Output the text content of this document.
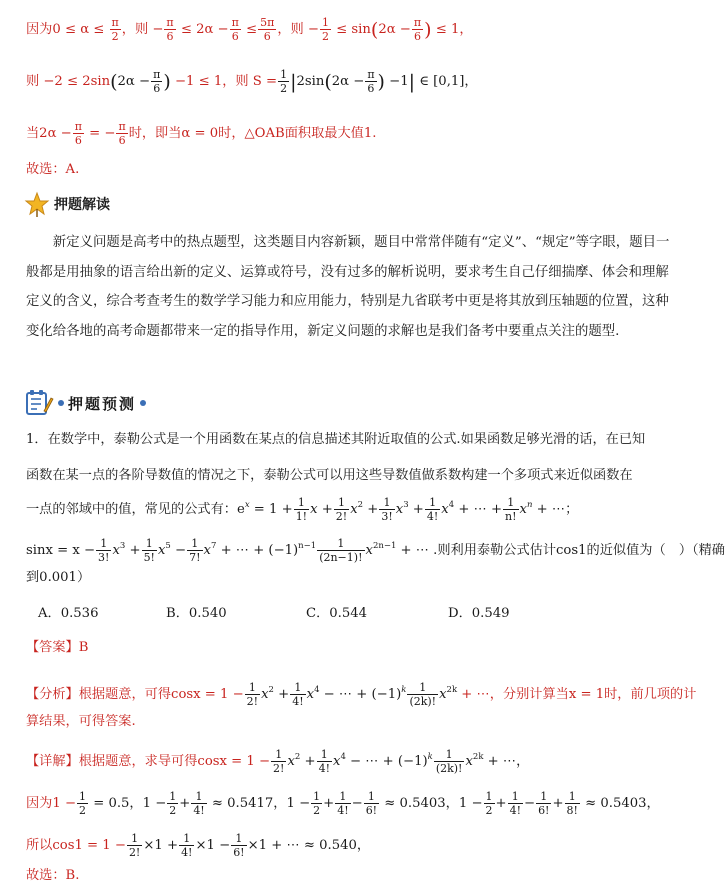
因为$0 \le \alpha \le \frac{\pi}{2}$ ，则 − $\frac{\pi}{6} \le 2\alpha - \frac{\pi}{6} \le \frac{5\pi}{6}$ ，则 − $\frac{1}{2} \le \sin(2\alpha - \frac{\pi}{6}$ ) ≤ 1，
则 $-2 \le 2\sin(2\alpha - \frac{\pi}{6}$ ) −1 ≤ 1，则 $S = \frac{1}{2} |2\sin(2\alpha - \frac{\pi}{6}$ ) −1| ∈ [0,1]，
当$2\alpha - \frac{\pi}{6}$ = − $\frac{\pi}{6}$ 时，即当α = 0时，△OAB面积取最大值1.
故选：A.
押题解读
新定义问题是高考中的热点题型，这类题目内容新颖，题目中常常伴随有“定义”、“规定”等字眼，题目一般都是用抽象的语言给出新的定义、运算或符号，没有过多的解析说明，要求考生自己仔细揣摩、体会和理解定义的含义，综合考查考生的数学学习能力和应用能力，特别是九省联考中更是将其放到压轴题的位置，这种变化给各地的高考命题都带来一定的指导作用，新定义问题的求解也是我们备考中要重点关注的题型.
押题预测
1．在数学中，泰勒公式是一个用函数在某点的信息描述其附近取值的公式.如果函数足够光滑的话，在已知
函数在某一点的各阶导数值的情况之下，泰勒公式可以用这些导数值做系数构建一个多项式来近似函数在
一点的邻域中的值，常见的公式有：$e^x = 1 + \frac{1}{1!}$ $x + \frac{1}{2!} x^2 + \frac{1}{3!} x^3 + \frac{1}{4!} x^4$ + ⋯ + $\frac{1}{n!} x^n$ + ⋯；
$\sin x = x - \frac{1}{3!} x^3 + \frac{1}{5!} x^5 - \frac{1}{7!} x^7$ + ⋯ + $(-1)^{n-1} \frac{1}{(2n-1)!} x^{2n-1}$ + ⋯ .则利用泰勒公式估计cos1的近似值为（　）（精确
到0.001）
A．0.536	B．0.540	C．0.544	D．0.549
【答案】B
【分析】根据题意，可得$\cos x = 1 - \frac{1}{2!} x^2 + \frac{1}{4!} x^4$ − ⋯ + $(-1)^k \frac{1}{(2k)!} x^{2k}$ + ⋯，分别计算当x = 1时，前几项的计
算结果，可得答案.
【详解】根据题意，求导可得$\cos x = 1 - \frac{1}{2!} x^2 + \frac{1}{4!} x^4$ − ⋯ + $(-1)^k \frac{1}{(2k)!} x^{2k}$ + ⋯，
因为$1 - \frac{1}{2} = 0.5$，$1 - \frac{1}{2} + \frac{1}{4!} \approx 0.5417$，$1 - \frac{1}{2} + \frac{1}{4!} - \frac{1}{6!} \approx 0.5403$，$1 - \frac{1}{2} + \frac{1}{4!} - \frac{1}{6!} + \frac{1}{8!} \approx 0.5403$，
所以$\cos 1 = 1 - \frac{1}{2!} \times 1 + \frac{1}{4!} \times 1 - \frac{1}{6!} \times 1$ + ⋯ ≈ 0.540，
故选：B.
